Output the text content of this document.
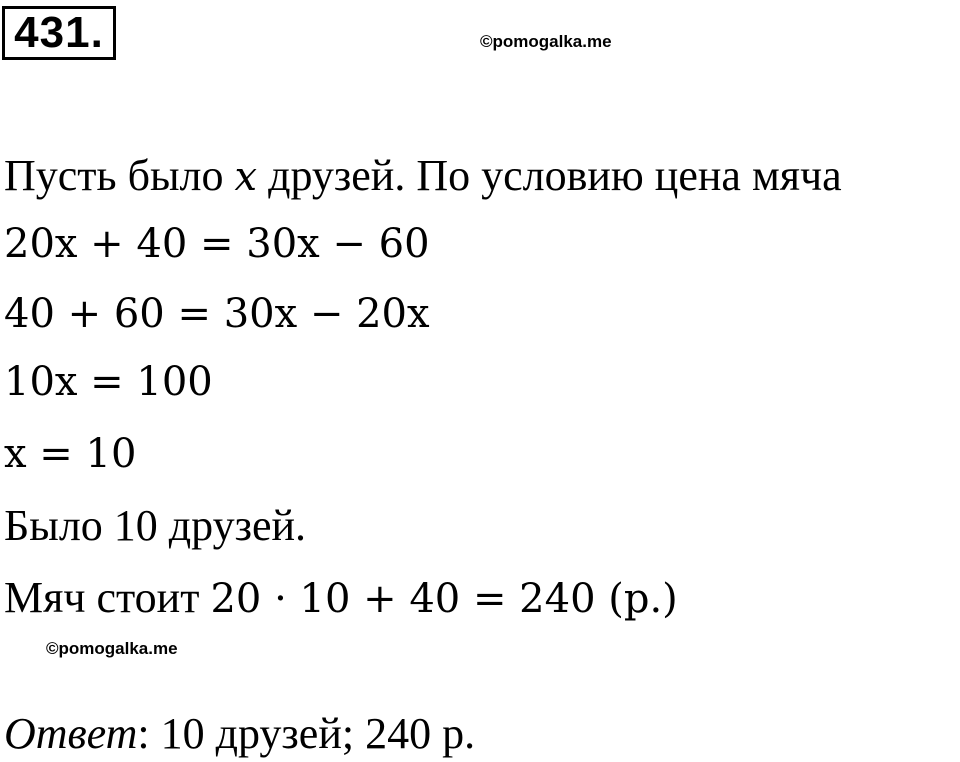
431.	©pomogalka.me
Пусть было x друзей. По условию цена мяча
20x + 40 = 30x − 60
40 + 60 = 30x − 20x
10x = 100
x = 10
Было 10 друзей.
Мяч стоит 20 · 10 + 40 = 240 (р.)
©pomogalka.me
Ответ: 10 друзей; 240 р.
